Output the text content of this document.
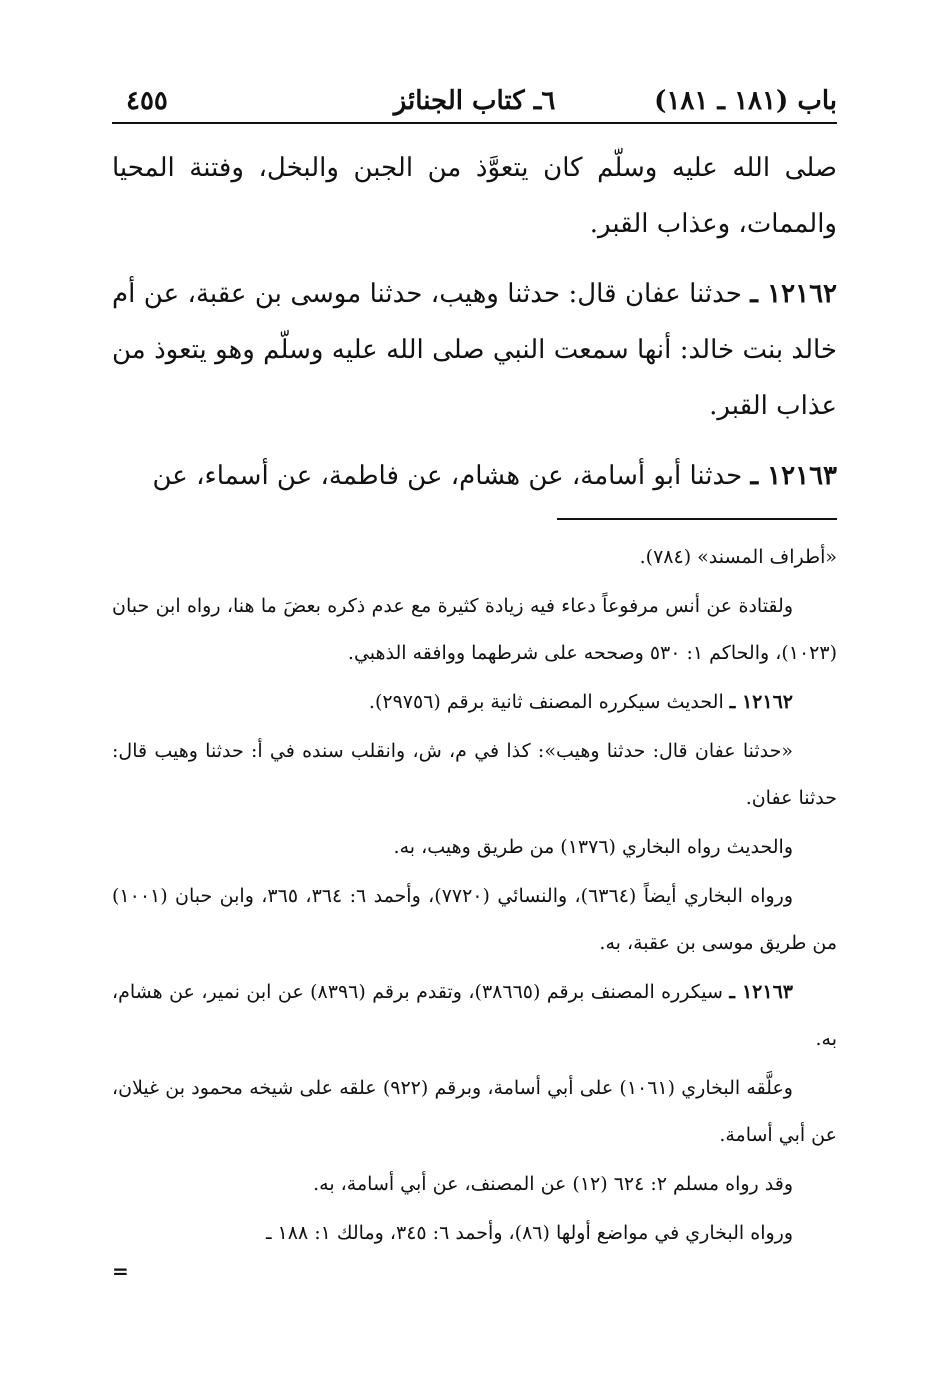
باب (١٨١ ـ ١٨١)
٦ـ كتاب الجنائز
٤٥٥

صلى الله عليه وسلّم كان يتعوَّذ من الجبن والبخل، وفتنة المحيا والممات، وعذاب القبر.

١٢١٦٢ ـ حدثنا عفان قال: حدثنا وهيب، حدثنا موسى بن عقبة، عن أم خالد بنت خالد: أنها سمعت النبي صلى الله عليه وسلّم وهو يتعوذ من عذاب القبر.

١٢١٦٣ ـ حدثنا أبو أسامة، عن هشام، عن فاطمة، عن أسماء، عن

«أطراف المسند» (٧٨٤).

ولقتادة عن أنس مرفوعاً دعاء فيه زيادة كثيرة مع عدم ذكره بعضَ ما هنا، رواه ابن حبان (١٠٢٣)، والحاكم ١: ٥٣٠ وصححه على شرطهما ووافقه الذهبي.

١٢١٦٢ ـ الحديث سيكرره المصنف ثانية برقم (٢٩٧٥٦).

«حدثنا عفان قال: حدثنا وهيب»: كذا في م، ش، وانقلب سنده في أ: حدثنا وهيب قال: حدثنا عفان.

والحديث رواه البخاري (١٣٧٦) من طريق وهيب، به.

ورواه البخاري أيضاً (٦٣٦٤)، والنسائي (٧٧٢٠)، وأحمد ٦: ٣٦٤، ٣٦٥، وابن حبان (١٠٠١) من طريق موسى بن عقبة، به.

١٢١٦٣ ـ سيكرره المصنف برقم (٣٨٦٦٥)، وتقدم برقم (٨٣٩٦) عن ابن نمير، عن هشام، به.

وعلَّقه البخاري (١٠٦١) على أبي أسامة، وبرقم (٩٢٢) علقه على شيخه محمود بن غيلان، عن أبي أسامة.

وقد رواه مسلم ٢: ٦٢٤ (١٢) عن المصنف، عن أبي أسامة، به.

ورواه البخاري في مواضع أولها (٨٦)، وأحمد ٦: ٣٤٥، ومالك ١: ١٨٨ ـ

=
